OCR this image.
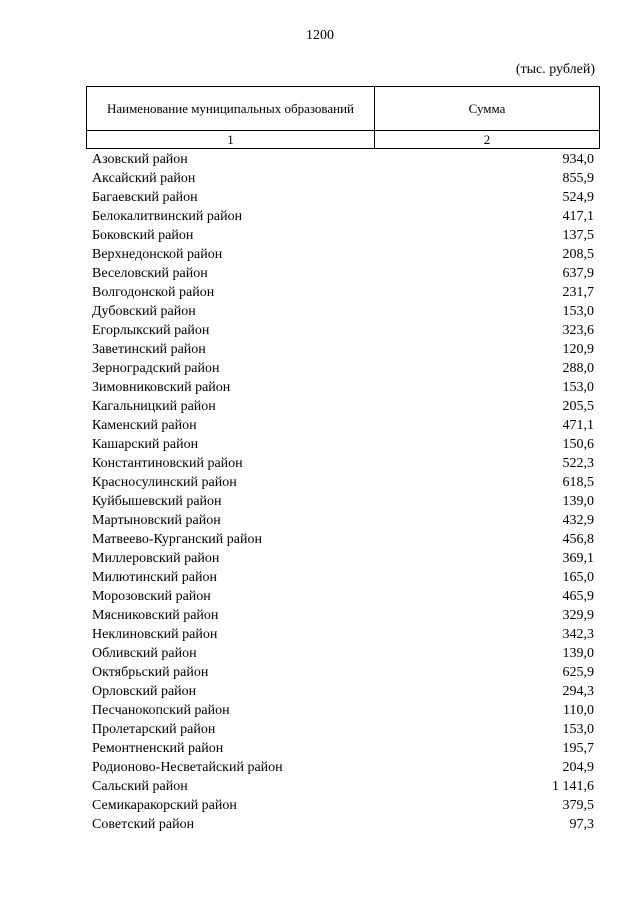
1200
(тыс. рублей)
Наименование муниципальных образований	Сумма
1	2
Азовский район	934,0
Аксайский район	855,9
Багаевский район	524,9
Белокалитвинский район	417,1
Боковский район	137,5
Верхнедонской район	208,5
Веселовский район	637,9
Волгодонской район	231,7
Дубовский район	153,0
Егорлыкский район	323,6
Заветинский район	120,9
Зерноградский район	288,0
Зимовниковский район	153,0
Кагальницкий район	205,5
Каменский район	471,1
Кашарский район	150,6
Константиновский район	522,3
Красносулинский район	618,5
Куйбышевский район	139,0
Мартыновский район	432,9
Матвеево-Курганский район	456,8
Миллеровский район	369,1
Милютинский район	165,0
Морозовский район	465,9
Мясниковский район	329,9
Неклиновский район	342,3
Обливский район	139,0
Октябрьский район	625,9
Орловский район	294,3
Песчанокопский район	110,0
Пролетарский район	153,0
Ремонтненский район	195,7
Родионово-Несветайский район	204,9
Сальский район	1 141,6
Семикаракорский район	379,5
Советский район	97,3
